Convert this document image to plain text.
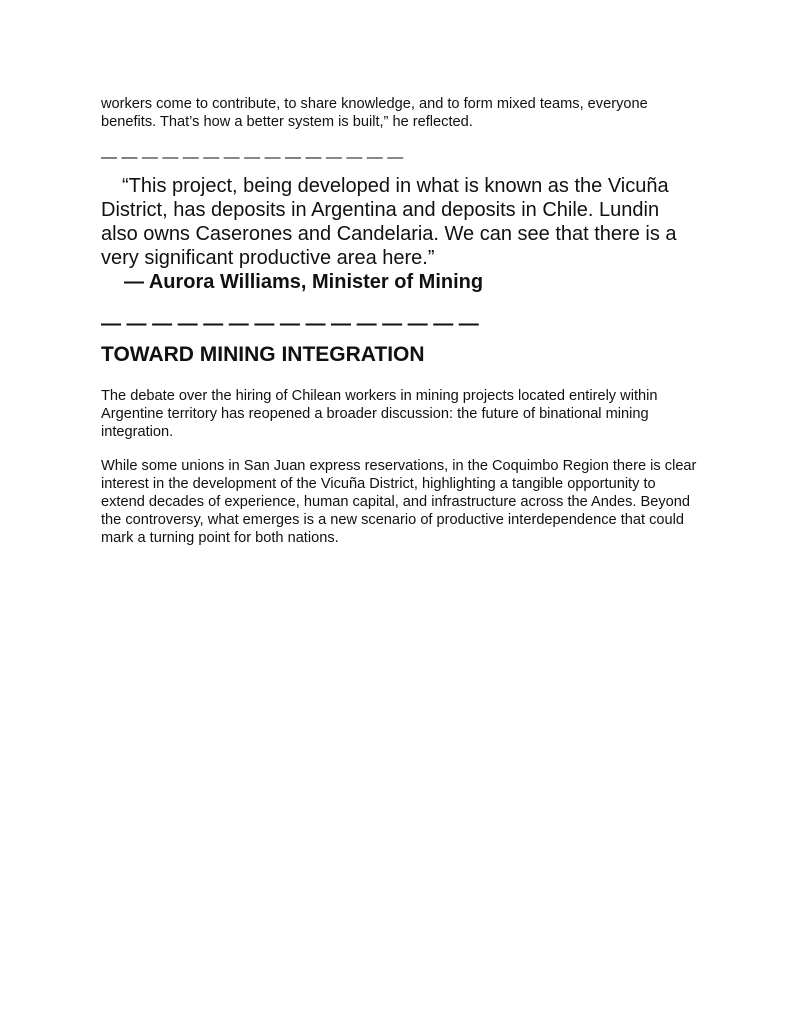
workers come to contribute, to share knowledge, and to form mixed teams, everyone benefits. That’s how a better system is built,” he reflected.

— — — — — — — — — — — — — — —

“This project, being developed in what is known as the Vicuña District, has deposits in Argentina and deposits in Chile. Lundin also owns Caserones and Candelaria. We can see that there is a very significant productive area here.”

— Aurora Williams, Minister of Mining
— — — — — — — — — — — — — — —
TOWARD MINING INTEGRATION

The debate over the hiring of Chilean workers in mining projects located entirely within Argentine territory has reopened a broader discussion: the future of binational mining integration.

While some unions in San Juan express reservations, in the Coquimbo Region there is clear interest in the development of the Vicuña District, highlighting a tangible opportunity to extend decades of experience, human capital, and infrastructure across the Andes. Beyond the controversy, what emerges is a new scenario of productive interdependence that could mark a turning point for both nations.
